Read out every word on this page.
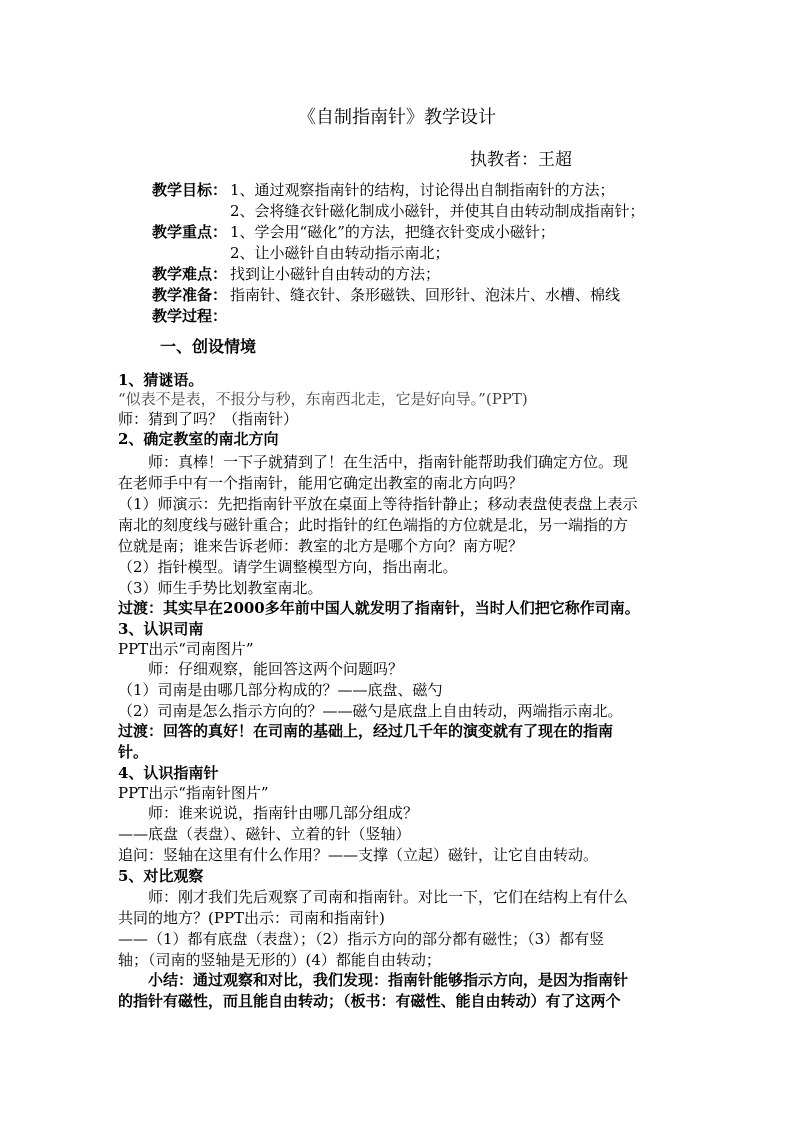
《自制指南针》教学设计
执教者：王超
教学目标： 1、通过观察指南针的结构，讨论得出自制指南针的方法；
2、会将缝衣针磁化制成小磁针，并使其自由转动制成指南针；
教学重点： 1、学会用“磁化”的方法，把缝衣针变成小磁针；
2、让小磁针自由转动指示南北；
教学难点： 找到让小磁针自由转动的方法；
教学准备： 指南针、缝衣针、条形磁铁、回形针、泡沫片、水槽、棉线
教学过程：
一、创设情境
1、猜谜语。
“似表不是表，不报分与秒，东南西北走，它是好向导。”(PPT)
师：猜到了吗？（指南针）
2、确定教室的南北方向
师：真棒！一下子就猜到了！在生活中，指南针能帮助我们确定方位。现
在老师手中有一个指南针，能用它确定出教室的南北方向吗？
（1）师演示：先把指南针平放在桌面上等待指针静止；移动表盘使表盘上表示
南北的刻度线与磁针重合；此时指针的红色端指的方位就是北，另一端指的方
位就是南；谁来告诉老师：教室的北方是哪个方向？南方呢？
（2）指针模型。请学生调整模型方向，指出南北。
（3）师生手势比划教室南北。
过渡：其实早在2000多年前中国人就发明了指南针，当时人们把它称作司南。
3、认识司南
PPT出示“司南图片”
师：仔细观察，能回答这两个问题吗？
（1）司南是由哪几部分构成的？——底盘、磁勺
（2）司南是怎么指示方向的？——磁勺是底盘上自由转动，两端指示南北。
过渡：回答的真好！在司南的基础上，经过几千年的演变就有了现在的指南
针。
4、认识指南针
PPT出示“指南针图片”
师：谁来说说，指南针由哪几部分组成？
——底盘（表盘）、磁针、立着的针（竖轴）
追问：竖轴在这里有什么作用？——支撑（立起）磁针，让它自由转动。
5、对比观察
师：刚才我们先后观察了司南和指南针。对比一下，它们在结构上有什么
共同的地方？(PPT出示：司南和指南针)
——（1）都有底盘（表盘）；（2）指示方向的部分都有磁性；（3）都有竖
轴；（司南的竖轴是无形的）(4）都能自由转动；
小结：通过观察和对比，我们发现：指南针能够指示方向，是因为指南针
的指针有磁性，而且能自由转动；（板书：有磁性、能自由转动）有了这两个
